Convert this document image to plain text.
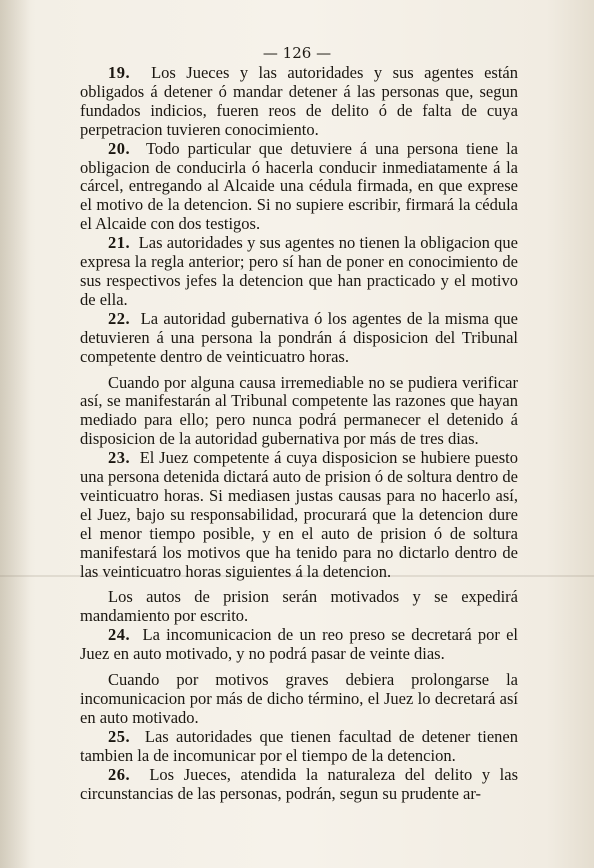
— 126 —

19. Los Jueces y las autoridades y sus agentes están obligados á detener ó mandar detener á las personas que, segun fundados indicios, fueren reos de delito ó de falta de cuya perpetracion tuvieren conocimiento.

20. Todo particular que detuviere á una persona tiene la obligacion de conducirla ó hacerla conducir inmediatamente á la cárcel, entregando al Alcaide una cédula firmada, en que exprese el motivo de la detencion. Si no supiere escribir, firmará la cédula el Alcaide con dos testigos.

21. Las autoridades y sus agentes no tienen la obligacion que expresa la regla anterior; pero sí han de poner en conocimiento de sus respectivos jefes la detencion que han practicado y el motivo de ella.

22. La autoridad gubernativa ó los agentes de la misma que detuvieren á una persona la pondrán á disposicion del Tribunal competente dentro de veinticuatro horas.

Cuando por alguna causa irremediable no se pudiera verificar así, se manifestarán al Tribunal competente las razones que hayan mediado para ello; pero nunca podrá permanecer el detenido á disposicion de la autoridad gubernativa por más de tres dias.

23. El Juez competente á cuya disposicion se hubiere puesto una persona detenida dictará auto de prision ó de soltura dentro de veinticuatro horas. Si mediasen justas causas para no hacerlo así, el Juez, bajo su responsabilidad, procurará que la detencion dure el menor tiempo posible, y en el auto de prision ó de soltura manifestará los motivos que ha tenido para no dictarlo dentro de las veinticuatro horas siguientes á la detencion.

Los autos de prision serán motivados y se expedirá mandamiento por escrito.

24. La incomunicacion de un reo preso se decretará por el Juez en auto motivado, y no podrá pasar de veinte dias.

Cuando por motivos graves debiera prolongarse la incomunicacion por más de dicho término, el Juez lo decretará así en auto motivado.

25. Las autoridades que tienen facultad de detener tienen tambien la de incomunicar por el tiempo de la detencion.

26. Los Jueces, atendida la naturaleza del delito y las circunstancias de las personas, podrán, segun su prudente ar-
